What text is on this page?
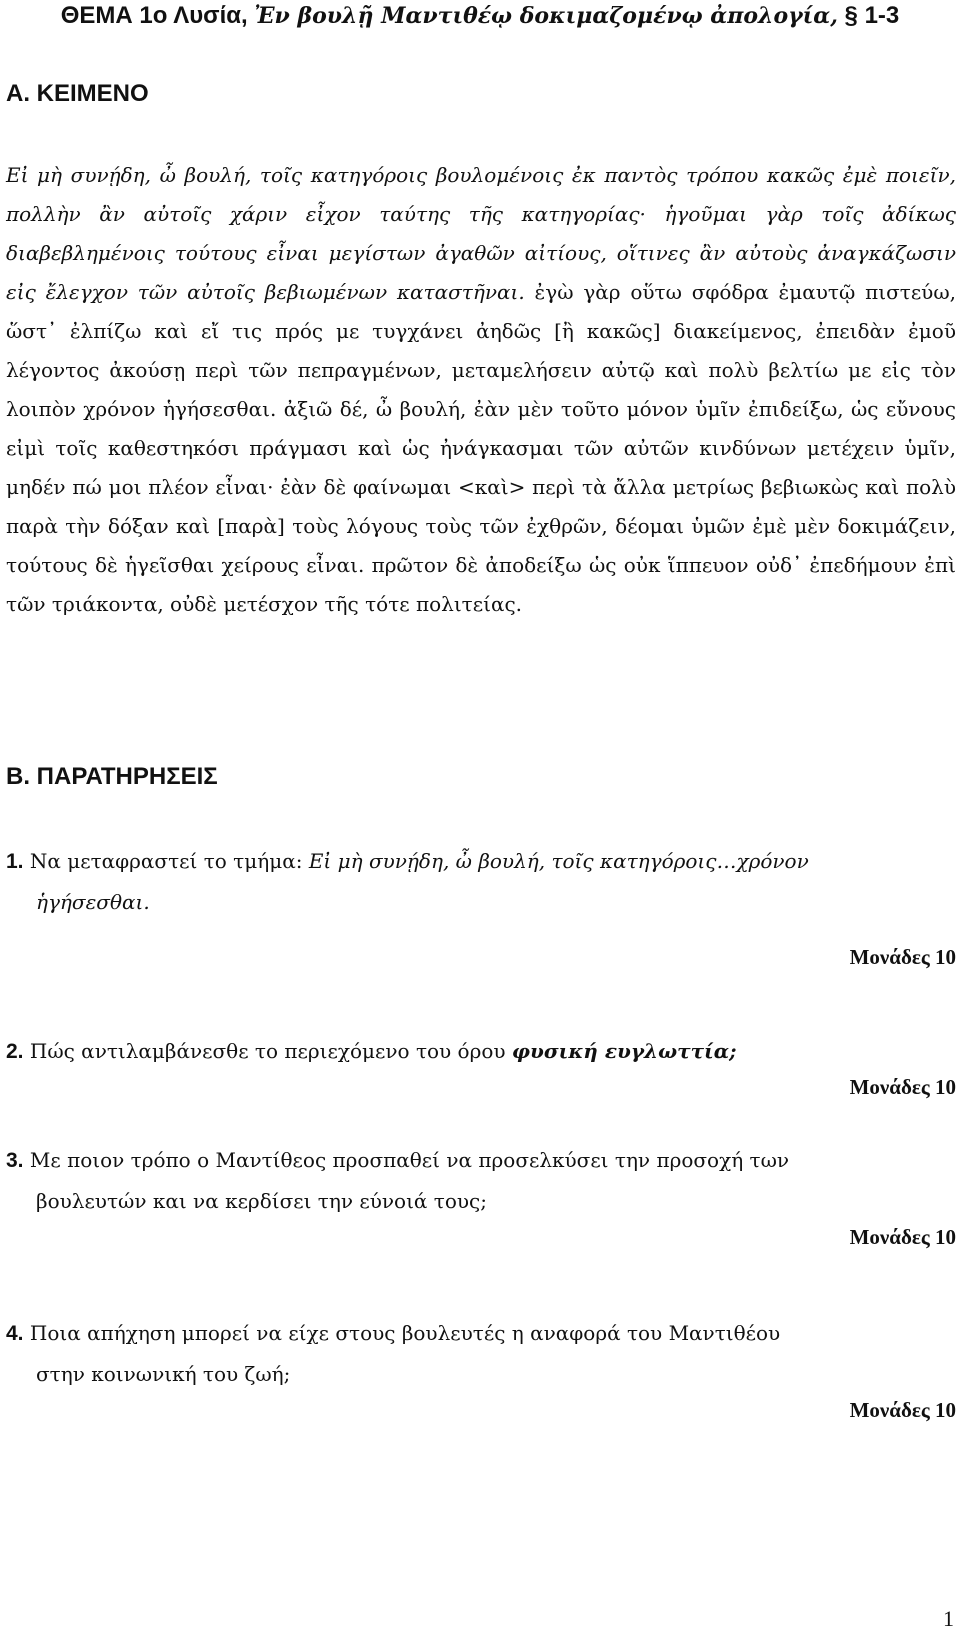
ΘΕΜΑ 1ο Λυσία, Ἐν βουλῇ Μαντιθέῳ δοκιμαζομένῳ ἀπολογία, § 1-3
Α. ΚΕΙΜΕΝΟ
Εἰ μὴ συνῄδη, ὦ βουλή, τοῖς κατηγόροις βουλομένοις ἐκ παντὸς τρόπου κακῶς ἐμὲ ποιεῖν, πολλὴν ἂν αὐτοῖς χάριν εἶχον ταύτης τῆς κατηγορίας· ἡγοῦμαι γὰρ τοῖς ἀδίκως διαβεβλημένοις τούτους εἶναι μεγίστων ἀγαθῶν αἰτίους, οἵτινες ἂν αὐτοὺς ἀναγκάζωσιν εἰς ἔλεγχον τῶν αὐτοῖς βεβιωμένων καταστῆναι. ἐγὼ γὰρ οὕτω σφόδρα ἐμαυτῷ πιστεύω, ὥστ᾽ ἐλπίζω καὶ εἴ τις πρός με τυγχάνει ἀηδῶς [ἢ κακῶς] διακείμενος, ἐπειδὰν ἐμοῦ λέγοντος ἀκούσῃ περὶ τῶν πεπραγμένων, μεταμελήσειν αὐτῷ καὶ πολὺ βελτίω με εἰς τὸν λοιπὸν χρόνον ἡγήσεσθαι. ἀξιῶ δέ, ὦ βουλή, ἐὰν μὲν τοῦτο μόνον ὑμῖν ἐπιδείξω, ὡς εὔνους εἰμὶ τοῖς καθεστηκόσι πράγμασι καὶ ὡς ἠνάγκασμαι τῶν αὐτῶν κινδύνων μετέχειν ὑμῖν, μηδέν πώ μοι πλέον εἶναι· ἐὰν δὲ φαίνωμαι <καὶ> περὶ τὰ ἄλλα μετρίως βεβιωκὼς καὶ πολὺ παρὰ τὴν δόξαν καὶ [παρὰ] τοὺς λόγους τοὺς τῶν ἐχθρῶν, δέομαι ὑμῶν ἐμὲ μὲν δοκιμάζειν, τούτους δὲ ἡγεῖσθαι χείρους εἶναι. πρῶτον δὲ ἀποδείξω ὡς οὐκ ἵππευον οὐδ᾽ ἐπεδήμουν ἐπὶ τῶν τριάκοντα, οὐδὲ μετέσχον τῆς τότε πολιτείας.
Β. ΠΑΡΑΤΗΡΗΣΕΙΣ
1. Να μεταφραστεί το τμήμα: Εἰ μὴ συνῄδη, ὦ βουλή, τοῖς κατηγόροις…χρόνον
ἡγήσεσθαι.
Μονάδες 10
2. Πώς αντιλαμβάνεσθε το περιεχόμενο του όρου φυσική ευγλωττία;
Μονάδες 10
3. Με ποιον τρόπο ο Μαντίθεος προσπαθεί να προσελκύσει την προσοχή των
βουλευτών και να κερδίσει την εύνοιά τους;
Μονάδες 10
4. Ποια απήχηση μπορεί να είχε στους βουλευτές η αναφορά του Μαντιθέου
στην κοινωνική του ζωή;
Μονάδες 10
1
